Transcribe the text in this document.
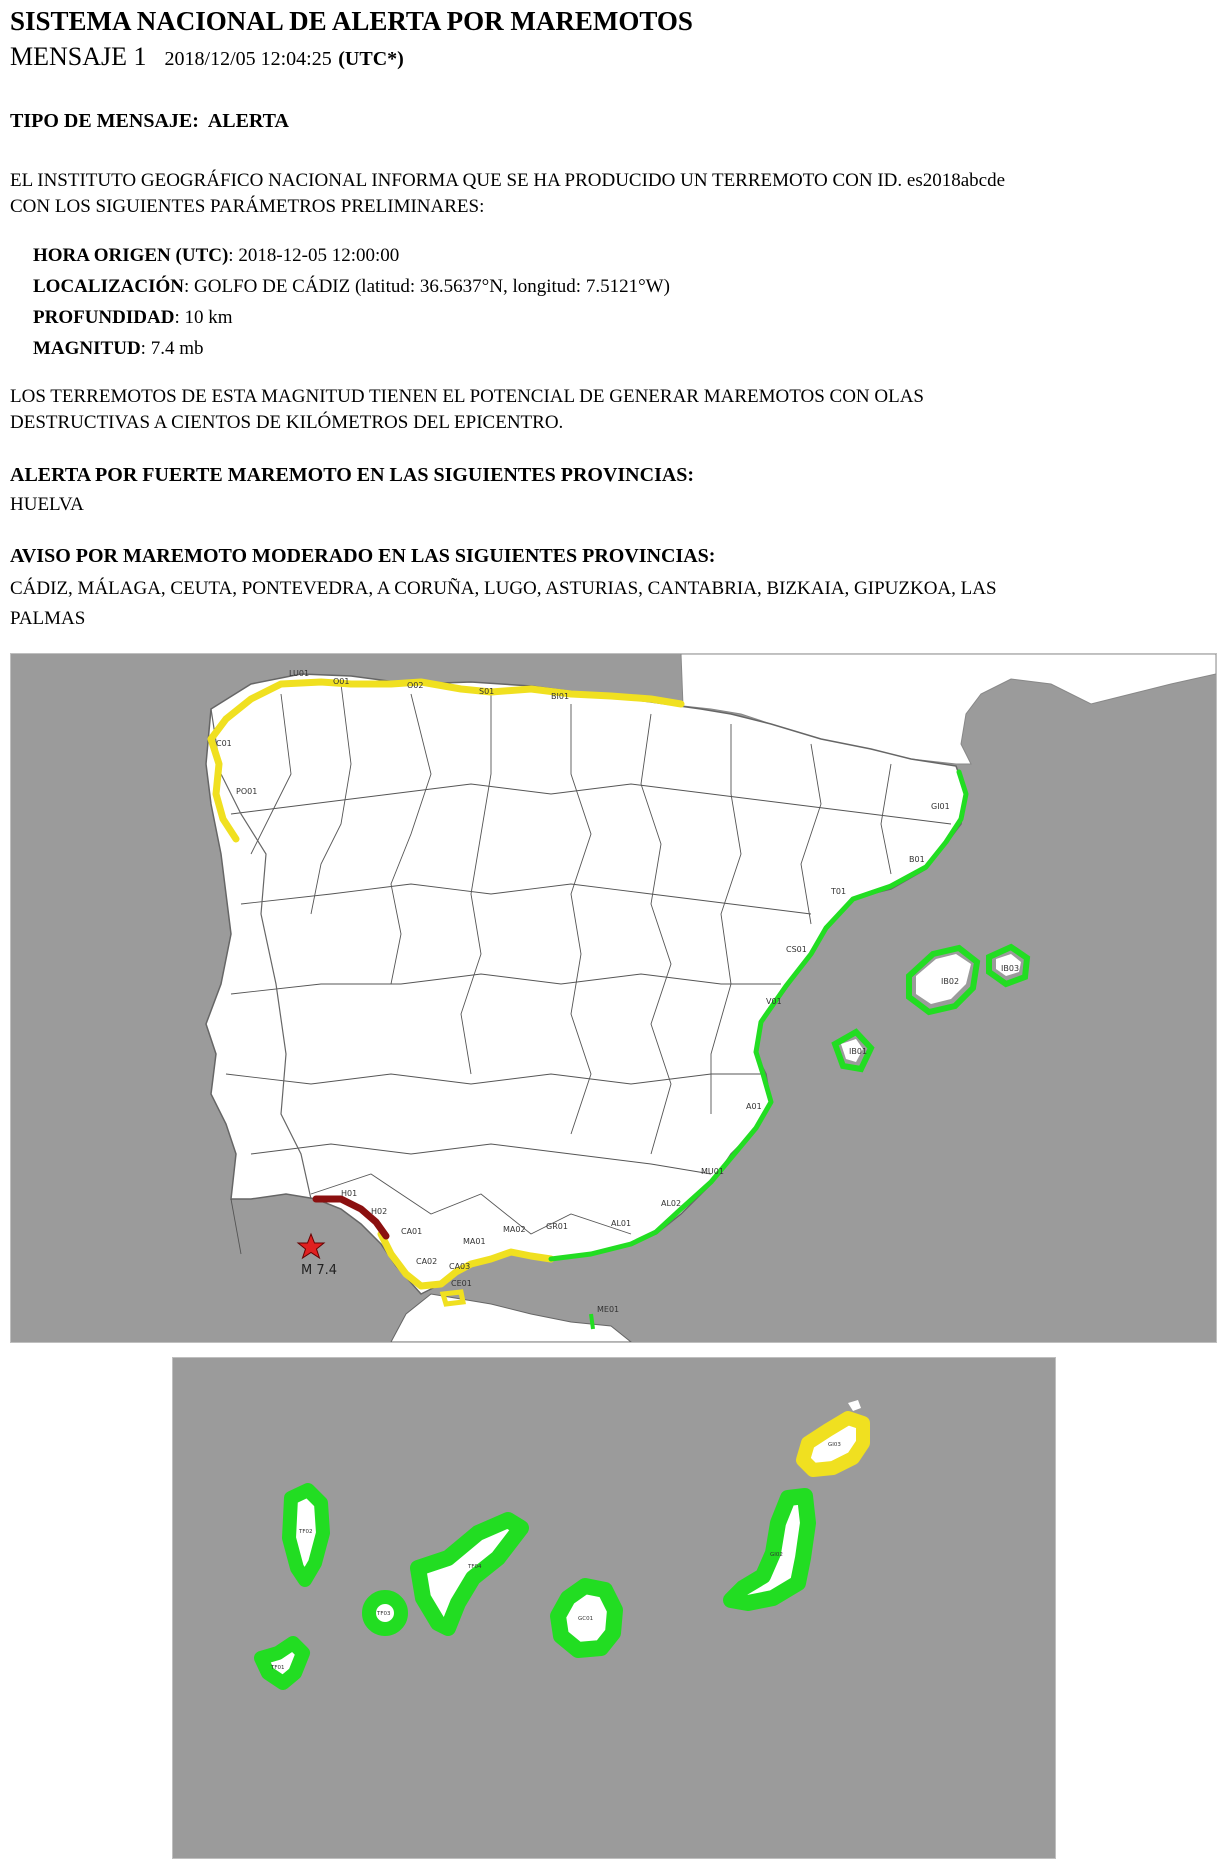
SISTEMA NACIONAL DE ALERTA POR MAREMOTOS
MENSAJE 1 2018/12/05 12:04:25 (UTC*)
TIPO DE MENSAJE: ALERTA
EL INSTITUTO GEOGRÁFICO NACIONAL INFORMA QUE SE HA PRODUCIDO UN TERREMOTO CON ID. es2018abcde
CON LOS SIGUIENTES PARÁMETROS PRELIMINARES:
HORA ORIGEN (UTC): 2018-12-05 12:00:00
LOCALIZACIÓN: GOLFO DE CÁDIZ (latitud: 36.5637°N, longitud: 7.5121°W)
PROFUNDIDAD: 10 km
MAGNITUD: 7.4 mb
LOS TERREMOTOS DE ESTA MAGNITUD TIENEN EL POTENCIAL DE GENERAR MAREMOTOS CON OLAS
DESTRUCTIVAS A CIENTOS DE KILÓMETROS DEL EPICENTRO.
ALERTA POR FUERTE MAREMOTO EN LAS SIGUIENTES PROVINCIAS:
HUELVA
AVISO POR MAREMOTO MODERADO EN LAS SIGUIENTES PROVINCIAS:
CÁDIZ, MÁLAGA, CEUTA, PONTEVEDRA, A CORUÑA, LUGO, ASTURIAS, CANTABRIA, BIZKAIA, GIPUZKOA, LAS
PALMAS
M 7.4
LU01
O01	O02
S01
BI01
C01
PO01
GI01
B01
T01
CS01
V01
A01
MU01
AL02
AL01
GR01
MA02
MA01
CA03
CA02
CA01
H02
H01
CE01
ME01
IB03
IB02
IB01
GI03
GI02
TF02
TF03
TF04
GC01
TF01
